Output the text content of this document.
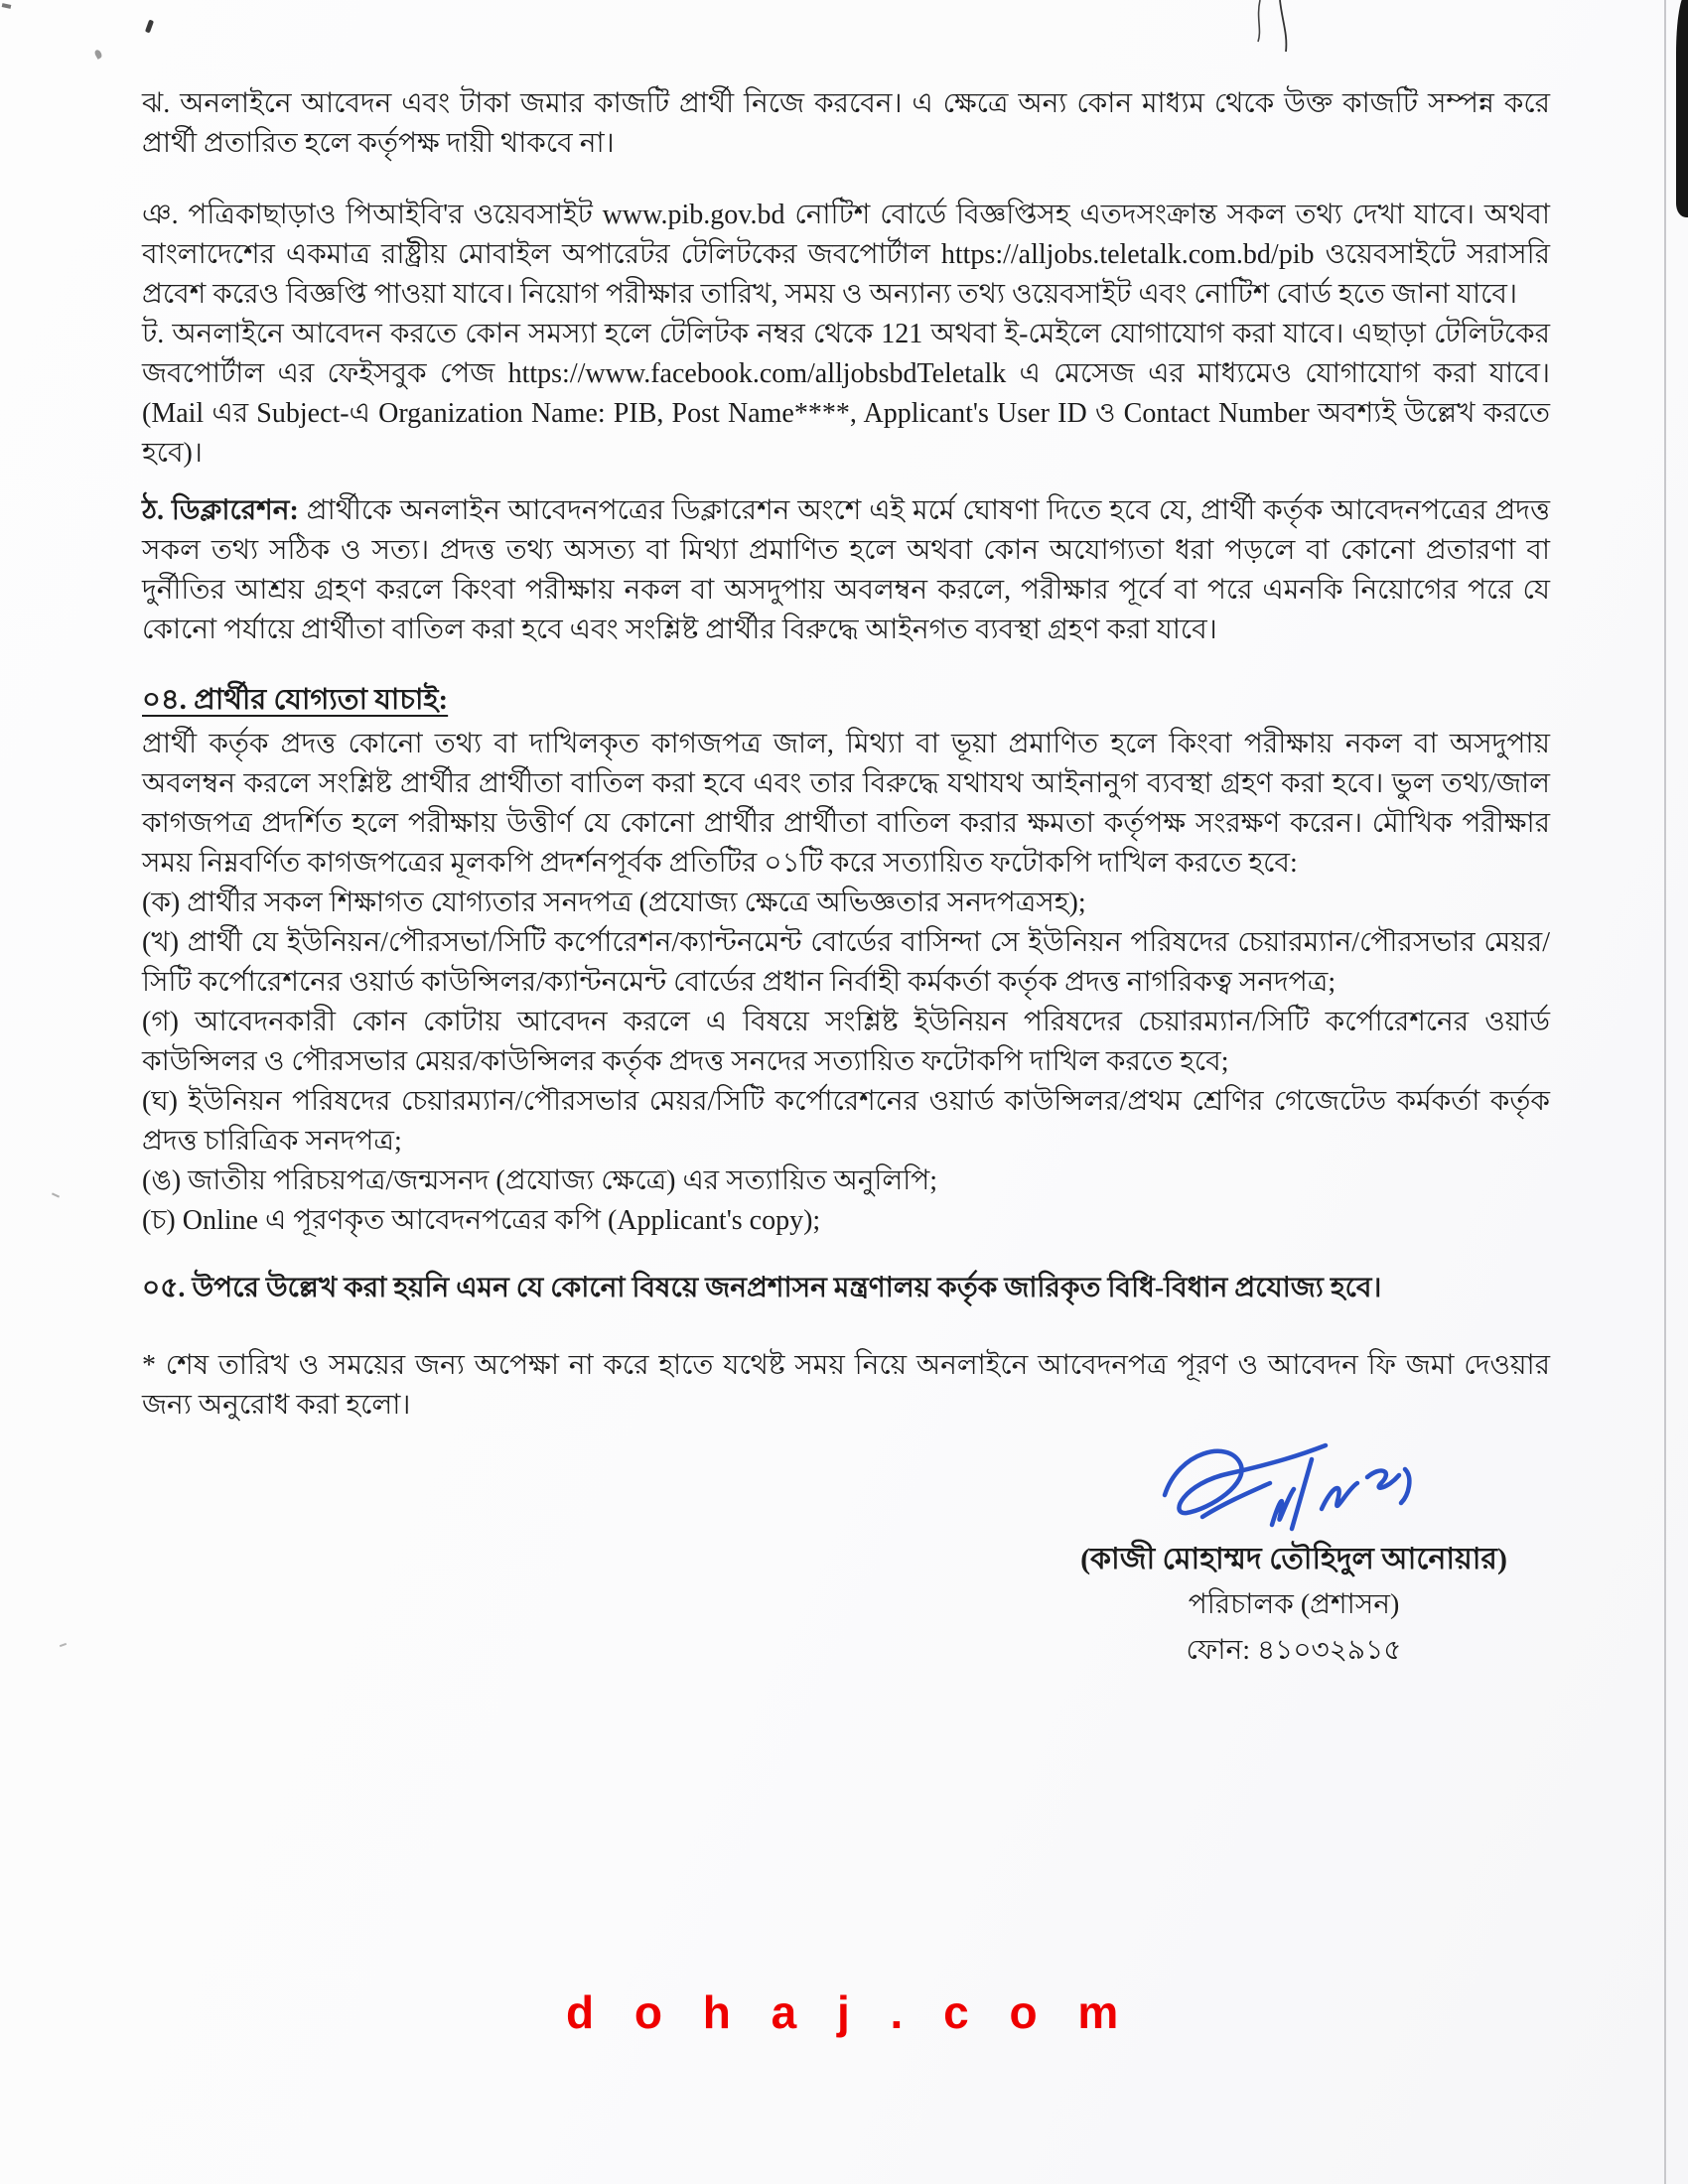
ঝ. অনলাইনে আবেদন এবং টাকা জমার কাজটি প্রার্থী নিজে করবেন। এ ক্ষেত্রে অন্য কোন মাধ্যম থেকে উক্ত কাজটি সম্পন্ন করে প্রার্থী প্রতারিত হলে কর্তৃপক্ষ দায়ী থাকবে না।

ঞ. পত্রিকাছাড়াও পিআইবি'র ওয়েবসাইট www.pib.gov.bd নোটিশ বোর্ডে বিজ্ঞপ্তিসহ এতদসংক্রান্ত সকল তথ্য দেখা যাবে। অথবা বাংলাদেশের একমাত্র রাষ্ট্রীয় মোবাইল অপারেটর টেলিটকের জবপোর্টাল https://alljobs.teletalk.com.bd/pib ওয়েবসাইটে সরাসরি প্রবেশ করেও বিজ্ঞপ্তি পাওয়া যাবে। নিয়োগ পরীক্ষার তারিখ, সময় ও অন্যান্য তথ্য ওয়েবসাইট এবং নোটিশ বোর্ড হতে জানা যাবে।

ট. অনলাইনে আবেদন করতে কোন সমস্যা হলে টেলিটক নম্বর থেকে 121 অথবা ই-মেইলে যোগাযোগ করা যাবে। এছাড়া টেলিটকের জবপোর্টাল এর ফেইসবুক পেজ https://www.facebook.com/alljobsbdTeletalk এ মেসেজ এর মাধ্যমেও যোগাযোগ করা যাবে। (Mail এর Subject-এ Organization Name: PIB, Post Name****, Applicant's User ID ও Contact Number অবশ্যই উল্লেখ করতে হবে)।

ঠ. ডিক্লারেশন: প্রার্থীকে অনলাইন আবেদনপত্রের ডিক্লারেশন অংশে এই মর্মে ঘোষণা দিতে হবে যে, প্রার্থী কর্তৃক আবেদনপত্রের প্রদত্ত সকল তথ্য সঠিক ও সত্য। প্রদত্ত তথ্য অসত্য বা মিথ্যা প্রমাণিত হলে অথবা কোন অযোগ্যতা ধরা পড়লে বা কোনো প্রতারণা বা দুর্নীতির আশ্রয় গ্রহণ করলে কিংবা পরীক্ষায় নকল বা অসদুপায় অবলম্বন করলে, পরীক্ষার পূর্বে বা পরে এমনকি নিয়োগের পরে যে কোনো পর্যায়ে প্রার্থীতা বাতিল করা হবে এবং সংশ্লিষ্ট প্রার্থীর বিরুদ্ধে আইনগত ব্যবস্থা গ্রহণ করা যাবে।

০৪. প্রার্থীর যোগ্যতা যাচাই:

প্রার্থী কর্তৃক প্রদত্ত কোনো তথ্য বা দাখিলকৃত কাগজপত্র জাল, মিথ্যা বা ভূয়া প্রমাণিত হলে কিংবা পরীক্ষায় নকল বা অসদুপায় অবলম্বন করলে সংশ্লিষ্ট প্রার্থীর প্রার্থীতা বাতিল করা হবে এবং তার বিরুদ্ধে যথাযথ আইনানুগ ব্যবস্থা গ্রহণ করা হবে। ভুল তথ্য/জাল কাগজপত্র প্রদর্শিত হলে পরীক্ষায় উত্তীর্ণ যে কোনো প্রার্থীর প্রার্থীতা বাতিল করার ক্ষমতা কর্তৃপক্ষ সংরক্ষণ করেন। মৌখিক পরীক্ষার সময় নিম্নবর্ণিত কাগজপত্রের মূলকপি প্রদর্শনপূর্বক প্রতিটির ০১টি করে সত্যায়িত ফটোকপি দাখিল করতে হবে:

(ক) প্রার্থীর সকল শিক্ষাগত যোগ্যতার সনদপত্র (প্রযোজ্য ক্ষেত্রে অভিজ্ঞতার সনদপত্রসহ);

(খ) প্রার্থী যে ইউনিয়ন/পৌরসভা/সিটি কর্পোরেশন/ক্যান্টনমেন্ট বোর্ডের বাসিন্দা সে ইউনিয়ন পরিষদের চেয়ারম্যান/পৌরসভার মেয়র/সিটি কর্পোরেশনের ওয়ার্ড কাউন্সিলর/ক্যান্টনমেন্ট বোর্ডের প্রধান নির্বাহী কর্মকর্তা কর্তৃক প্রদত্ত নাগরিকত্ব সনদপত্র;

(গ) আবেদনকারী কোন কোটায় আবেদন করলে এ বিষয়ে সংশ্লিষ্ট ইউনিয়ন পরিষদের চেয়ারম্যান/সিটি কর্পোরেশনের ওয়ার্ড কাউন্সিলর ও পৌরসভার মেয়র/কাউন্সিলর কর্তৃক প্রদত্ত সনদের সত্যায়িত ফটোকপি দাখিল করতে হবে;

(ঘ) ইউনিয়ন পরিষদের চেয়ারম্যান/পৌরসভার মেয়র/সিটি কর্পোরেশনের ওয়ার্ড কাউন্সিলর/প্রথম শ্রেণির গেজেটেড কর্মকর্তা কর্তৃক প্রদত্ত চারিত্রিক সনদপত্র;

(ঙ) জাতীয় পরিচয়পত্র/জন্মসনদ (প্রযোজ্য ক্ষেত্রে) এর সত্যায়িত অনুলিপি;

(চ) Online এ পূরণকৃত আবেদনপত্রের কপি (Applicant's copy);

০৫. উপরে উল্লেখ করা হয়নি এমন যে কোনো বিষয়ে জনপ্রশাসন মন্ত্রণালয় কর্তৃক জারিকৃত বিধি-বিধান প্রযোজ্য হবে।

* শেষ তারিখ ও সময়ের জন্য অপেক্ষা না করে হাতে যথেষ্ট সময় নিয়ে অনলাইনে আবেদনপত্র পূরণ ও আবেদন ফি জমা দেওয়ার জন্য অনুরোধ করা হলো।

(কাজী মোহাম্মদ তৌহিদুল আনোয়ার)

পরিচালক (প্রশাসন)

ফোন: ৪১০৩২৯১৫

d o h a j . c o m
